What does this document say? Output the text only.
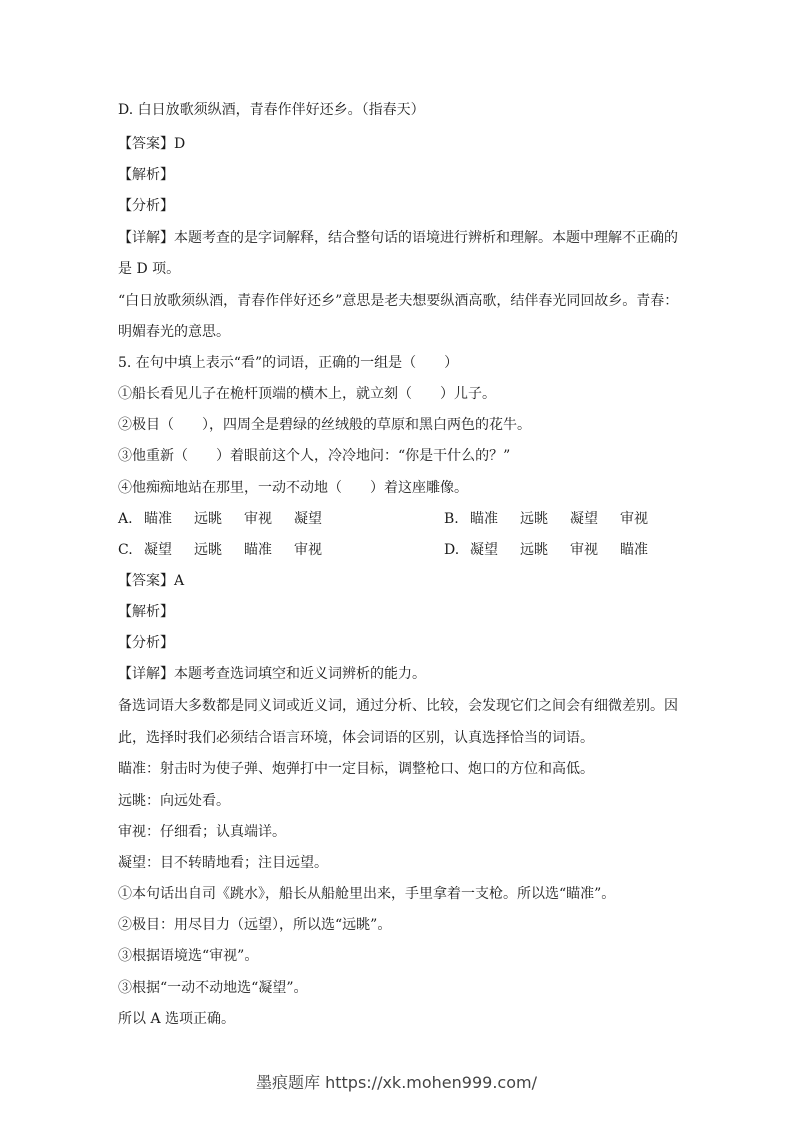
D. 白日放歌须纵酒，青春作伴好还乡。（指春天）
【答案】D
【解析】
【分析】
【详解】本题考查的是字词解释，结合整句话的语境进行辨析和理解。本题中理解不正确的
是 D 项。
“白日放歌须纵酒，青春作伴好还乡”意思是老夫想要纵酒高歌，结伴春光同回故乡。青春：
明媚春光的意思。
5. 在句中填上表示“看”的词语，正确的一组是（　　）
①船长看见儿子在桅杆顶端的横木上，就立刻（　　）儿子。
②极目（　　），四周全是碧绿的丝绒般的草原和黑白两色的花牛。
③他重新（　　）着眼前这个人，冷冷地问：“你是干什么的？”
④他痴痴地站在那里，一动不动地（　　）着这座雕像。
A. 瞄准 远眺 审视 凝望	B. 瞄准 远眺 凝望 审视
C. 凝望 远眺 瞄准 审视	D. 凝望 远眺 审视 瞄准
【答案】A
【解析】
【分析】
【详解】本题考查选词填空和近义词辨析的能力。
备选词语大多数都是同义词或近义词，通过分析、比较，会发现它们之间会有细微差别。因
此，选择时我们必须结合语言环境，体会词语的区别，认真选择恰当的词语。
瞄准：射击时为使子弹、炮弹打中一定目标，调整枪口、炮口的方位和高低。
远眺：向远处看。
审视：仔细看；认真端详。
凝望：目不转睛地看；注目远望。
①本句话出自司《跳水》，船长从船舱里出来，手里拿着一支枪。所以选“瞄准”。
②极目：用尽目力（远望），所以选“远眺”。
③根据语境选“审视”。
③根据“一动不动地选“凝望”。
所以 A 选项正确。
墨痕题库 https://xk.mohen999.com/
